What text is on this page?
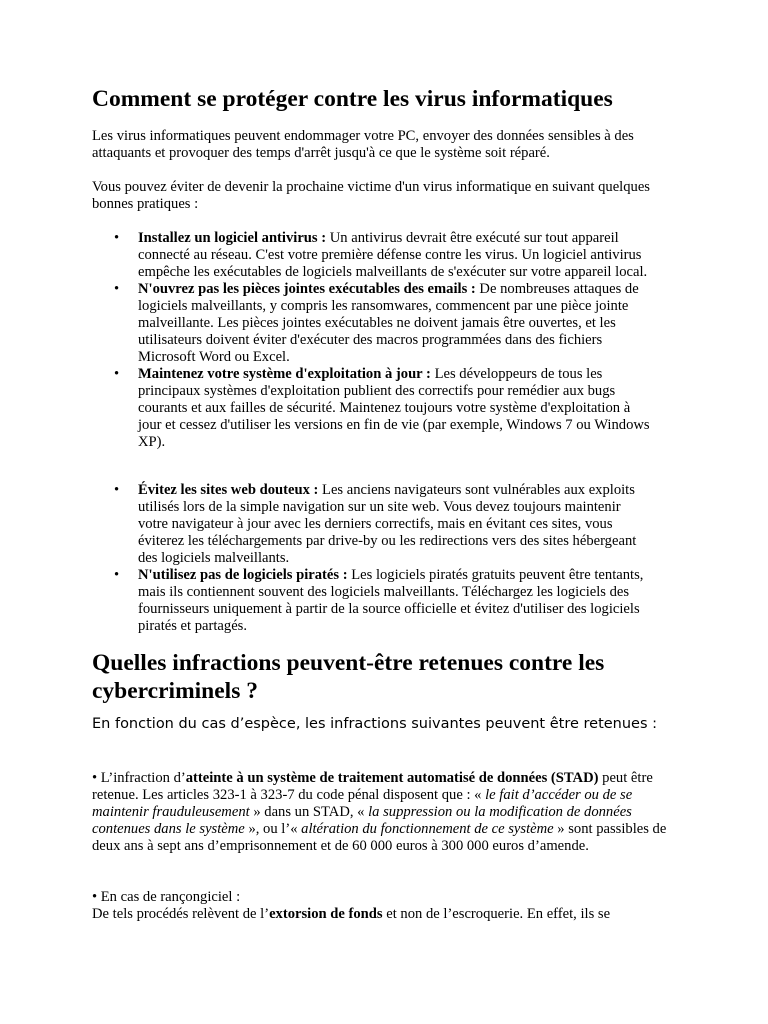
Comment se protéger contre les virus informatiques

Les virus informatiques peuvent endommager votre PC, envoyer des données sensibles à des attaquants et provoquer des temps d'arrêt jusqu'à ce que le système soit réparé.

Vous pouvez éviter de devenir la prochaine victime d'un virus informatique en suivant quelques bonnes pratiques :

• Installez un logiciel antivirus : Un antivirus devrait être exécuté sur tout appareil connecté au réseau. C'est votre première défense contre les virus. Un logiciel antivirus empêche les exécutables de logiciels malveillants de s'exécuter sur votre appareil local.
• N'ouvrez pas les pièces jointes exécutables des emails : De nombreuses attaques de logiciels malveillants, y compris les ransomwares, commencent par une pièce jointe malveillante. Les pièces jointes exécutables ne doivent jamais être ouvertes, et les utilisateurs doivent éviter d'exécuter des macros programmées dans des fichiers Microsoft Word ou Excel.
• Maintenez votre système d'exploitation à jour : Les développeurs de tous les principaux systèmes d'exploitation publient des correctifs pour remédier aux bugs courants et aux failles de sécurité. Maintenez toujours votre système d'exploitation à jour et cessez d'utiliser les versions en fin de vie (par exemple, Windows 7 ou Windows XP).
• Évitez les sites web douteux : Les anciens navigateurs sont vulnérables aux exploits utilisés lors de la simple navigation sur un site web. Vous devez toujours maintenir votre navigateur à jour avec les derniers correctifs, mais en évitant ces sites, vous éviterez les téléchargements par drive-by ou les redirections vers des sites hébergeant des logiciels malveillants.
• N'utilisez pas de logiciels piratés : Les logiciels piratés gratuits peuvent être tentants, mais ils contiennent souvent des logiciels malveillants. Téléchargez les logiciels des fournisseurs uniquement à partir de la source officielle et évitez d'utiliser des logiciels piratés et partagés.
Quelles infractions peuvent-être retenues contre les cybercriminels ?

En fonction du cas d’espèce, les infractions suivantes peuvent être retenues :

• L’infraction d’atteinte à un système de traitement automatisé de données (STAD) peut être retenue. Les articles 323-1 à 323-7 du code pénal disposent que : « le fait d’accéder ou de se maintenir frauduleusement » dans un STAD, « la suppression ou la modification de données contenues dans le système », ou l’« altération du fonctionnement de ce système » sont passibles de deux ans à sept ans d’emprisonnement et de 60 000 euros à 300 000 euros d’amende.

• En cas de rançongiciel :
De tels procédés relèvent de l’extorsion de fonds et non de l’escroquerie. En effet, ils se
